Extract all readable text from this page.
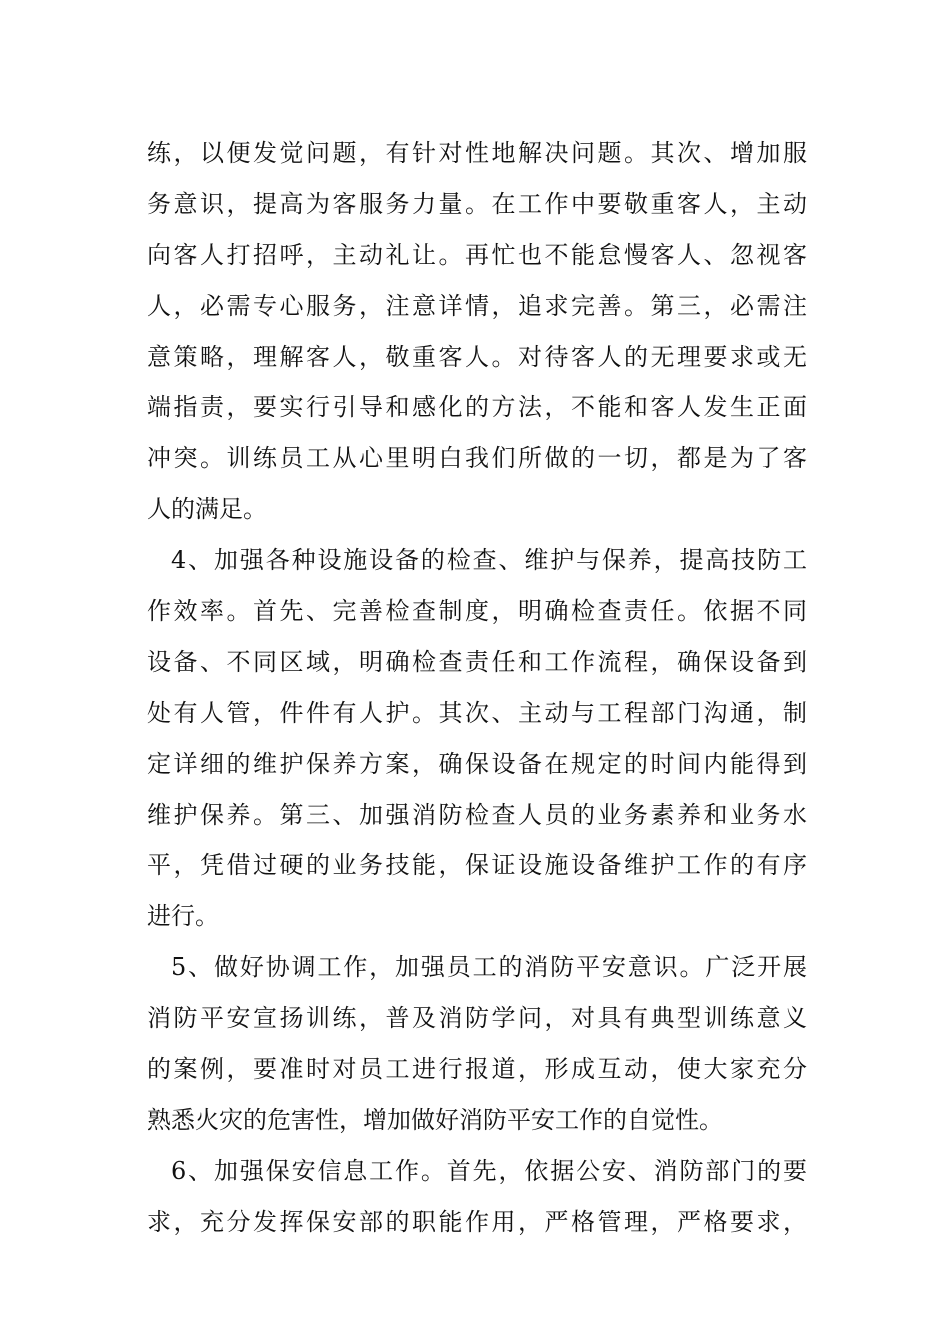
练，以便发觉问题，有针对性地解决问题。其次、增加服
务意识，提高为客服务力量。在工作中要敬重客人，主动
向客人打招呼，主动礼让。再忙也不能怠慢客人、忽视客
人，必需专心服务，注意详情，追求完善。第三，必需注
意策略，理解客人，敬重客人。对待客人的无理要求或无
端指责，要实行引导和感化的方法，不能和客人发生正面
冲突。训练员工从心里明白我们所做的一切，都是为了客
人的满足。
4、加强各种设施设备的检查、维护与保养，提高技防工
作效率。首先、完善检查制度，明确检查责任。依据不同
设备、不同区域，明确检查责任和工作流程，确保设备到
处有人管，件件有人护。其次、主动与工程部门沟通，制
定详细的维护保养方案，确保设备在规定的时间内能得到
维护保养。第三、加强消防检查人员的业务素养和业务水
平，凭借过硬的业务技能，保证设施设备维护工作的有序
进行。
5、做好协调工作，加强员工的消防平安意识。广泛开展
消防平安宣扬训练，普及消防学问，对具有典型训练意义
的案例，要准时对员工进行报道，形成互动，使大家充分
熟悉火灾的危害性，增加做好消防平安工作的自觉性。
6、加强保安信息工作。首先，依据公安、消防部门的要
求，充分发挥保安部的职能作用，严格管理，严格要求，
